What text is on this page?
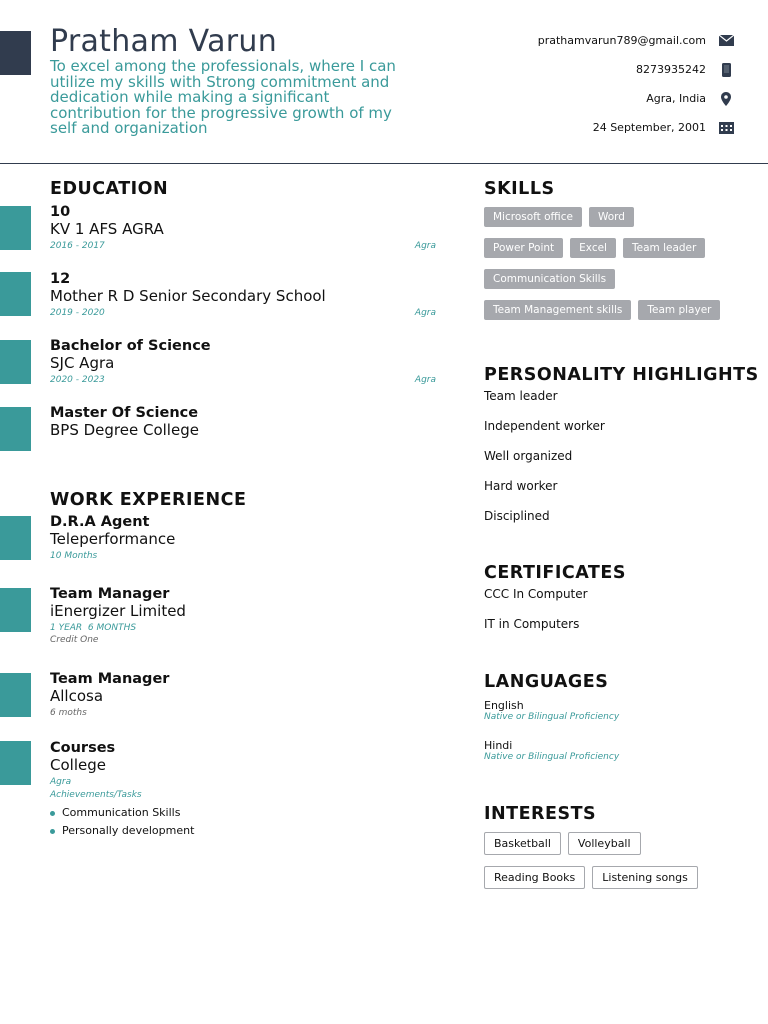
Pratham Varun

To excel among the professionals, where I can utilize my skills with Strong commitment and dedication while making a significant contribution for the progressive growth of my self and organization

prathamvarun789@gmail.com
8273935242
Agra, India
24 September, 2001
EDUCATION
10
KV 1 AFS AGRA
2016 - 2017	Agra
12
Mother R D Senior Secondary School
2019 - 2020	Agra
Bachelor of Science
SJC Agra
2020 - 2023	Agra
Master Of Science
BPS Degree College
WORK EXPERIENCE
D.R.A Agent
Teleperformance
10 Months
Team Manager
iEnergizer Limited
1 YEAR  6 MONTHS
Credit One
Team Manager
Allcosa
6 moths
Courses
College
Agra
Achievements/Tasks
Communication Skills
Personally development
SKILLS
Microsoft office	Word
Power Point	Excel	Team leader
Communication Skills
Team Management skills	Team player
PERSONALITY HIGHLIGHTS
Team leader
Independent worker
Well organized
Hard worker
Disciplined
CERTIFICATES
CCC In Computer
IT in Computers
LANGUAGES
English
Native or Bilingual Proficiency
Hindi
Native or Bilingual Proficiency
INTERESTS
Basketball	Volleyball
Reading Books	Listening songs
